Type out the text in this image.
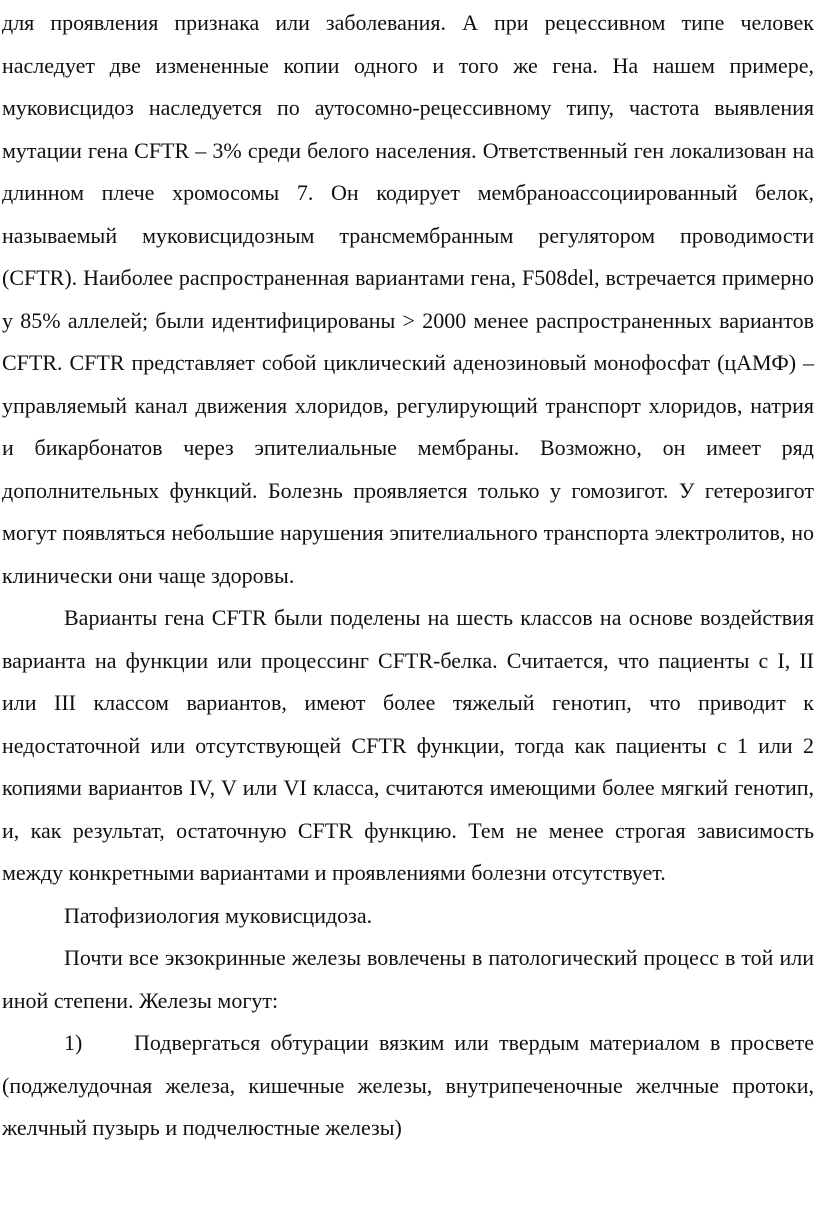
для проявления признака или заболевания. А при рецессивном типе человек наследует две измененные копии одного и того же гена. На нашем примере, муковисцидоз наследуется по аутосомно-рецессивному типу, частота выявления мутации гена CFTR – 3% среди белого населения. Ответственный ген локализован на длинном плече хромосомы 7. Он кодирует мембраноассоциированный белок, называемый муковисцидозным трансмембранным регулятором проводимости (CFTR). Наиболее распространенная вариантами гена, F508del, встречается примерно у 85% аллелей; были идентифицированы > 2000 менее распространенных вариантов CFTR. CFTR представляет собой циклический аденозиновый монофосфат (цАМФ) – управляемый канал движения хлоридов, регулирующий транспорт хлоридов, натрия и бикарбонатов через эпителиальные мембраны. Возможно, он имеет ряд дополнительных функций. Болезнь проявляется только у гомозигот. У гетерозигот могут появляться небольшие нарушения эпителиального транспорта электролитов, но клинически они чаще здоровы.

Варианты гена CFTR были поделены на шесть классов на основе воздействия варианта на функции или процессинг CFTR-белка. Считается, что пациенты с I, II или III классом вариантов, имеют более тяжелый генотип, что приводит к недостаточной или отсутствующей CFTR функции, тогда как пациенты с 1 или 2 копиями вариантов IV, V или VI класса, считаются имеющими более мягкий генотип, и, как результат, остаточную CFTR функцию. Тем не менее строгая зависимость между конкретными вариантами и проявлениями болезни отсутствует.

Патофизиология муковисцидоза.

Почти все экзокринные железы вовлечены в патологический процесс в той или иной степени. Железы могут:

1) Подвергаться обтурации вязким или твердым материалом в просвете (поджелудочная железа, кишечные железы, внутрипеченочные желчные протоки, желчный пузырь и подчелюстные железы)
